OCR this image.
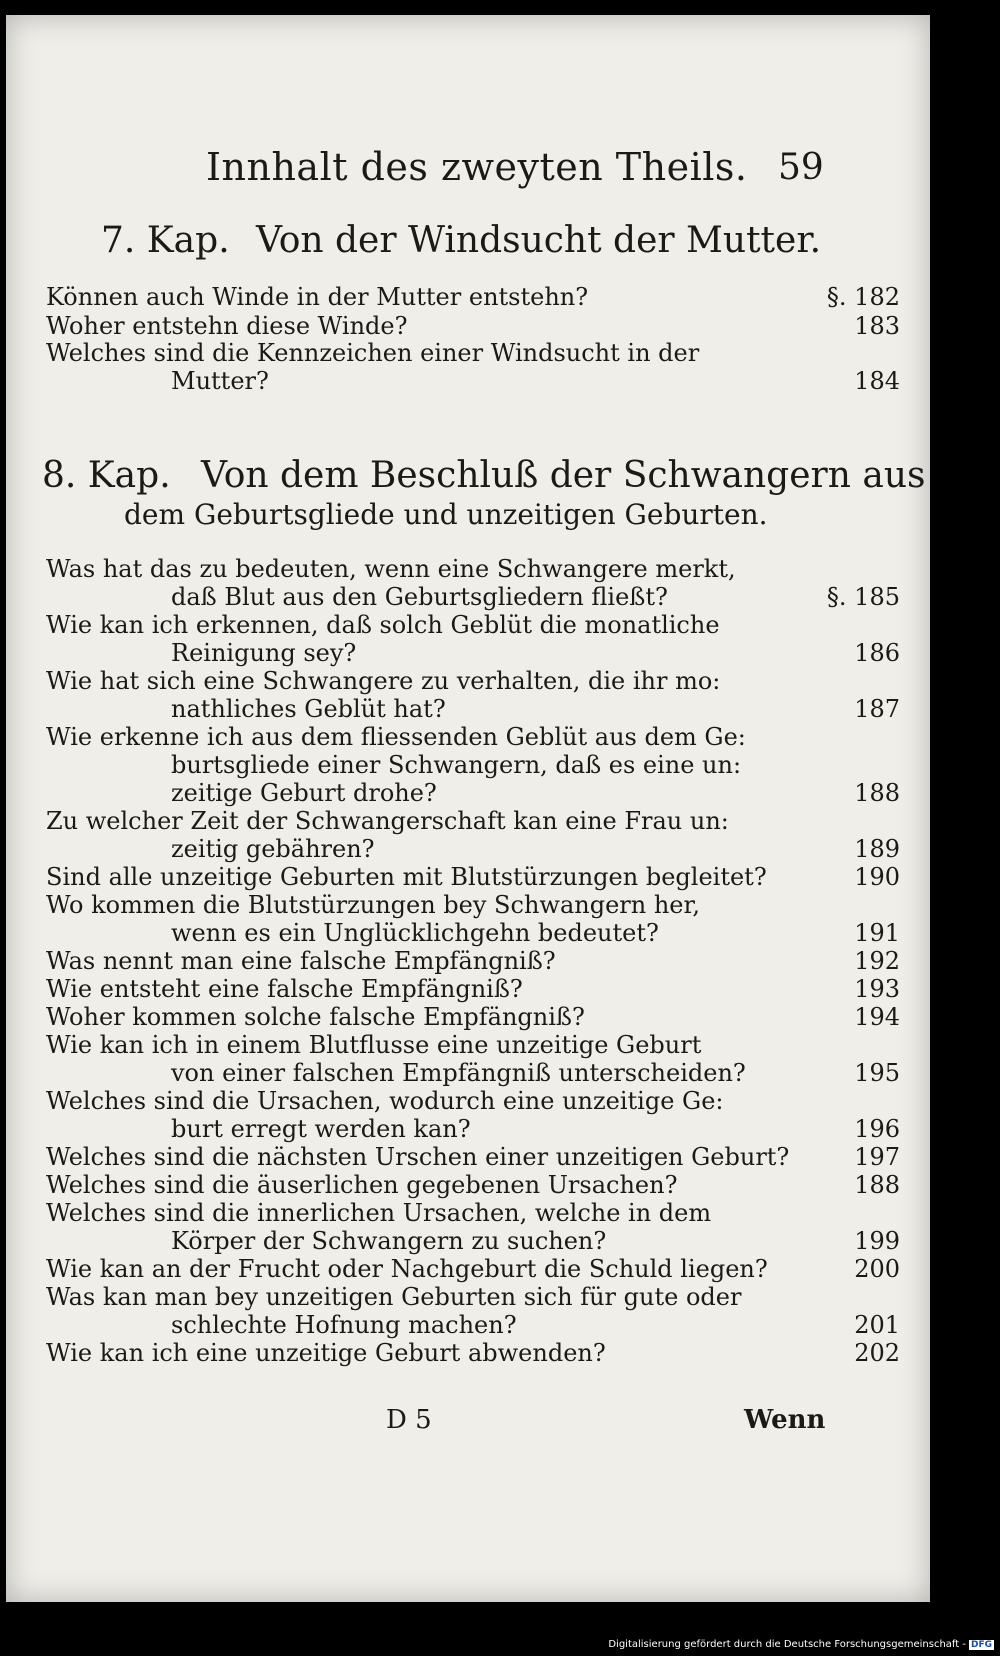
Innhalt des zweyten Theils. 59
7. Kap. Von der Windsucht der Mutter.
Können auch Winde in der Mutter entstehn?	§. 182
Woher entstehn diese Winde?	183
Welches sind die Kennzeichen einer Windsucht in der
Mutter?	184
8. Kap. Von dem Beschluß der Schwangern aus
dem Geburtsgliede und unzeitigen Geburten.
Was hat das zu bedeuten, wenn eine Schwangere merkt,
daß Blut aus den Geburtsgliedern fließt?	§. 185
Wie kan ich erkennen, daß solch Geblüt die monatliche
Reinigung sey?	186
Wie hat sich eine Schwangere zu verhalten, die ihr mo:
nathliches Geblüt hat?	187
Wie erkenne ich aus dem fliessenden Geblüt aus dem Ge:
burtsgliede einer Schwangern, daß es eine un:
zeitige Geburt drohe?	188
Zu welcher Zeit der Schwangerschaft kan eine Frau un:
zeitig gebähren?	189
Sind alle unzeitige Geburten mit Blutstürzungen begleitet?	190
Wo kommen die Blutstürzungen bey Schwangern her,
wenn es ein Unglücklichgehn bedeutet?	191
Was nennt man eine falsche Empfängniß?	192
Wie entsteht eine falsche Empfängniß?	193
Woher kommen solche falsche Empfängniß?	194
Wie kan ich in einem Blutflusse eine unzeitige Geburt
von einer falschen Empfängniß unterscheiden?	195
Welches sind die Ursachen, wodurch eine unzeitige Ge:
burt erregt werden kan?	196
Welches sind die nächsten Urschen einer unzeitigen Geburt?	197
Welches sind die äuserlichen gegebenen Ursachen?	188
Welches sind die innerlichen Ursachen, welche in dem
Körper der Schwangern zu suchen?	199
Wie kan an der Frucht oder Nachgeburt die Schuld liegen?	200
Was kan man bey unzeitigen Geburten sich für gute oder
schlechte Hofnung machen?	201
Wie kan ich eine unzeitige Geburt abwenden?	202
D 5	Wenn
Digitalisierung gefördert durch die Deutsche Forschungsgemeinschaft - DFG
